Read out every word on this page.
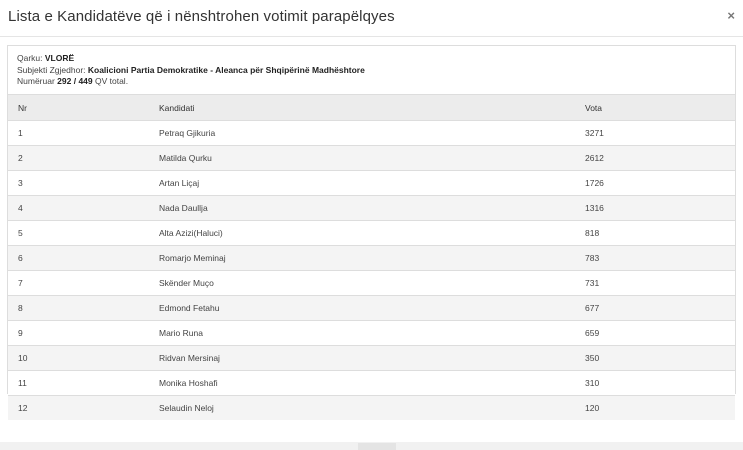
Lista e Kandidatëve që i nënshtrohen votimit parapëlqyes	×
Qarku: VLORË
Subjekti Zgjedhor: Koalicioni Partia Demokratike - Aleanca për Shqipërinë Madhështore
Numëruar 292 / 449 QV total.
Nr	Kandidati	Vota
1	Petraq Gjikuria	3271
2	Matilda Qurku	2612
3	Artan Liçaj	1726
4	Nada Daullja	1316
5	Alta Azizi(Haluci)	818
6	Romarjo Meminaj	783
7	Skënder Muço	731
8	Edmond Fetahu	677
9	Mario Runa	659
10	Ridvan Mersinaj	350
11	Monika Hoshafi	310
12	Selaudin Neloj	120
